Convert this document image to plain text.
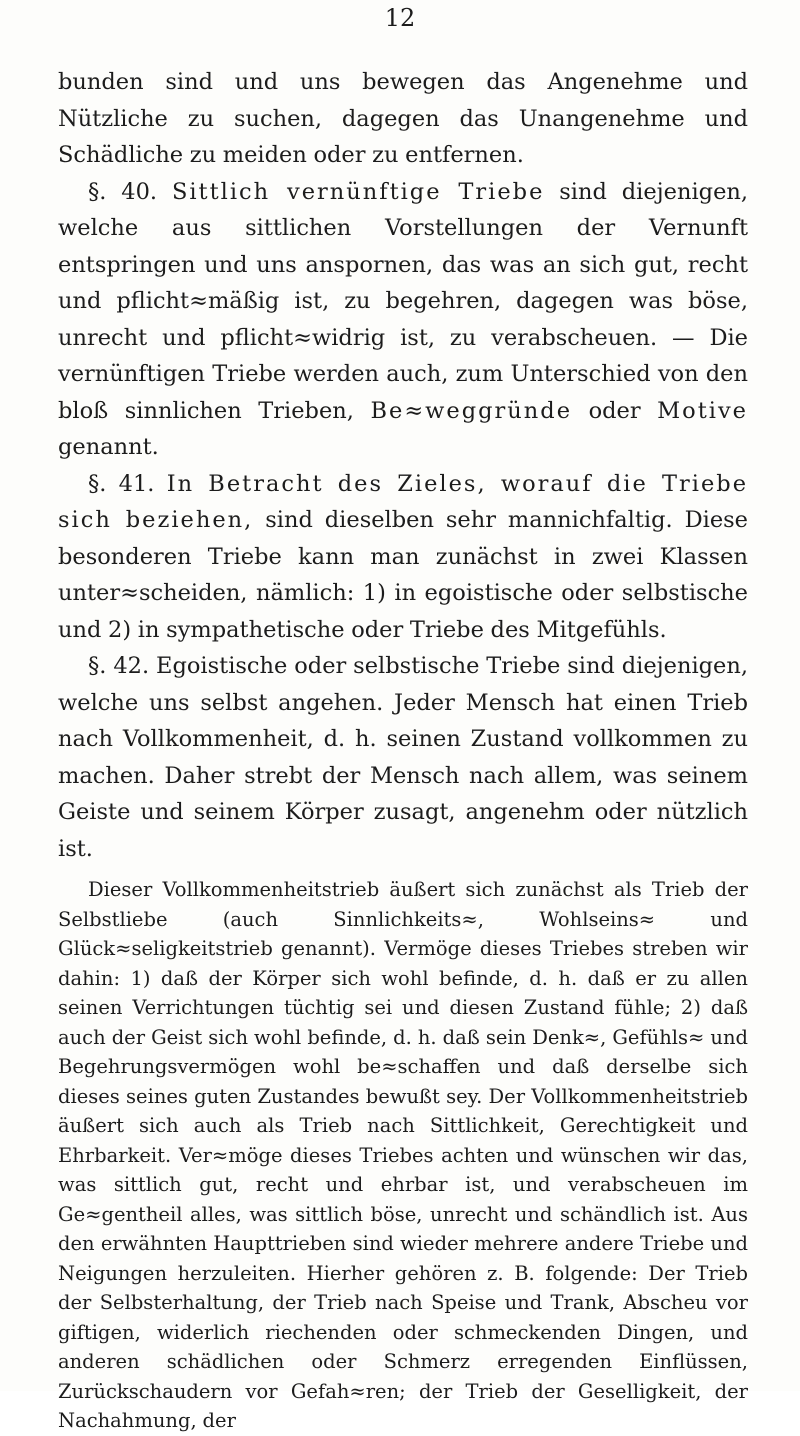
12

bunden sind und uns bewegen das Angenehme und Nützliche zu suchen, dagegen das Unangenehme und Schädliche zu meiden oder zu entfernen.

§. 40. Sittlich vernünftige Triebe sind diejenigen, welche aus sittlichen Vorstellungen der Vernunft entspringen und uns anspornen, das was an sich gut, recht und pflicht≈mäßig ist, zu begehren, dagegen was böse, unrecht und pflicht≈widrig ist, zu verabscheuen. — Die vernünftigen Triebe werden auch, zum Unterschied von den bloß sinnlichen Trieben, Be≈weggründe oder Motive genannt.

§. 41. In Betracht des Zieles, worauf die Triebe sich beziehen, sind dieselben sehr mannichfaltig. Diese besonderen Triebe kann man zunächst in zwei Klassen unter≈scheiden, nämlich: 1) in egoistische oder selbstische und 2) in sympathetische oder Triebe des Mitgefühls.

§. 42. Egoistische oder selbstische Triebe sind diejenigen, welche uns selbst angehen. Jeder Mensch hat einen Trieb nach Vollkommenheit, d. h. seinen Zustand vollkommen zu machen. Daher strebt der Mensch nach allem, was seinem Geiste und seinem Körper zusagt, angenehm oder nützlich ist.

Dieser Vollkommenheitstrieb äußert sich zunächst als Trieb der Selbstliebe (auch Sinnlichkeits≈, Wohlseins≈ und Glück≈seligkeitstrieb genannt). Vermöge dieses Triebes streben wir dahin: 1) daß der Körper sich wohl befinde, d. h. daß er zu allen seinen Verrichtungen tüchtig sei und diesen Zustand fühle; 2) daß auch der Geist sich wohl befinde, d. h. daß sein Denk≈, Gefühls≈ und Begehrungsvermögen wohl be≈schaffen und daß derselbe sich dieses seines guten Zustandes bewußt sey. Der Vollkommenheitstrieb äußert sich auch als Trieb nach Sittlichkeit, Gerechtigkeit und Ehrbarkeit. Ver≈möge dieses Triebes achten und wünschen wir das, was sittlich gut, recht und ehrbar ist, und verabscheuen im Ge≈gentheil alles, was sittlich böse, unrecht und schändlich ist. Aus den erwähnten Haupttrieben sind wieder mehrere andere Triebe und Neigungen herzuleiten. Hierher gehören z. B. folgende: Der Trieb der Selbsterhaltung, der Trieb nach Speise und Trank, Abscheu vor giftigen, widerlich riechenden oder schmeckenden Dingen, und anderen schädlichen oder Schmerz erregenden Einflüssen, Zurückschaudern vor Gefah≈ren; der Trieb der Geselligkeit, der Nachahmung, der
